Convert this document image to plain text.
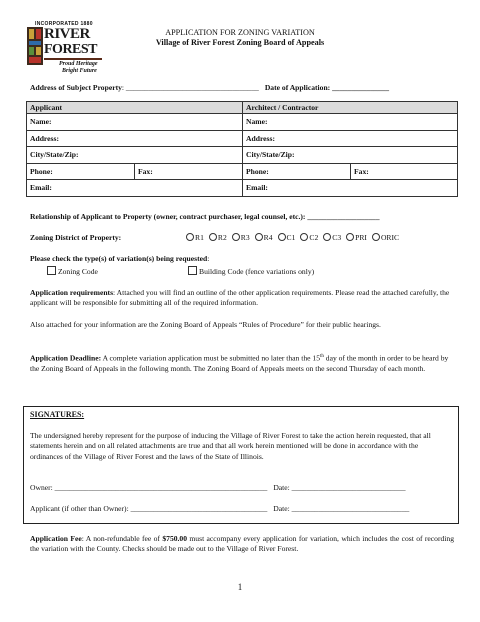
INCORPORATED 1880
RIVER
FOREST
Proud Heritage
Bright Future
APPLICATION FOR ZONING VARIATION
Village of River Forest Zoning Board of Appeals
Address of Subject Property: ___________________________________ Date of Application: _______________
Applicant		Architect / Contractor	
Name:		Name:	
Address:		Address:	
City/State/Zip:		City/State/Zip:	
Phone:	Fax:	Phone:	Fax:
Email:		Email:	
Relationship of Applicant to Property (owner, contract purchaser, legal counsel, etc.): ___________________
Zoning District of Property:	R1 R2 R3 R4 C1 C2 C3 PRI ORIC
Please check the type(s) of variation(s) being requested:
Zoning Code	Building Code (fence variations only)
Application requirements: Attached you will find an outline of the other application requirements. Please read the attached carefully, the applicant will be responsible for submitting all of the required information.
Also attached for your information are the Zoning Board of Appeals “Rules of Procedure” for their public hearings.
Application Deadline: A complete variation application must be submitted no later than the 15th day of the month in order to be heard by the Zoning Board of Appeals in the following month. The Zoning Board of Appeals meets on the second Thursday of each month.
SIGNATURES:
The undersigned hereby represent for the purpose of inducing the Village of River Forest to take the action herein requested, that all statements herein and on all related attachments are true and that all work herein mentioned will be done in accordance with the ordinances of the Village of River Forest and the laws of the State of Illinois.
Owner: ________________________________________________________ Date: ______________________________
Applicant (if other than Owner): ____________________________________ Date: _______________________________
Application Fee: A non-refundable fee of $750.00 must accompany every application for variation, which includes the cost of recording the variation with the County. Checks should be made out to the Village of River Forest.
1
